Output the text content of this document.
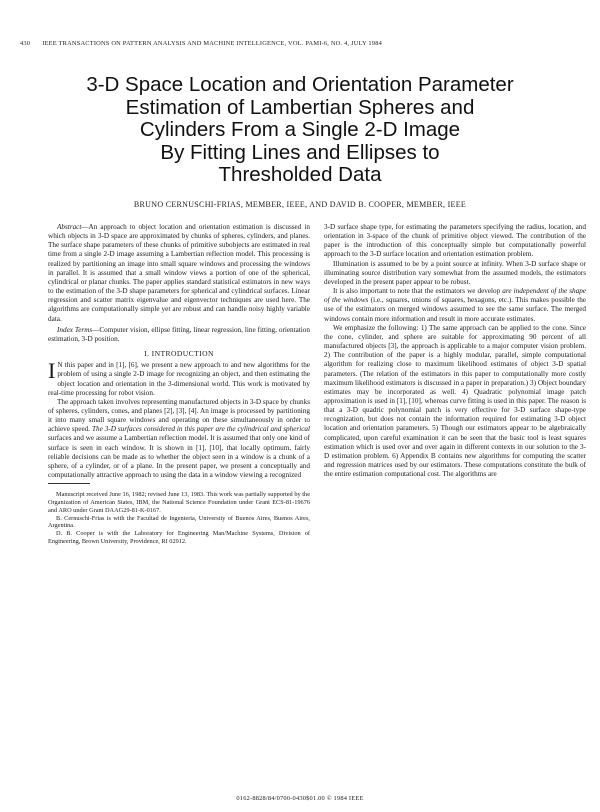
430 IEEE TRANSACTIONS ON PATTERN ANALYSIS AND MACHINE INTELLIGENCE, VOL. PAMI-6, NO. 4, JULY 1984
3-D Space Location and Orientation Parameter
Estimation of Lambertian Spheres and
Cylinders From a Single 2-D Image
By Fitting Lines and Ellipses to
Thresholded Data
BRUNO CERNUSCHI-FRIAS, MEMBER, IEEE, AND DAVID B. COOPER, MEMBER, IEEE

Abstract—An approach to object location and orientation estimation is discussed in which objects in 3-D space are approximated by chunks of spheres, cylinders, and planes. The surface shape parameters of these chunks of primitive subobjects are estimated in real time from a single 2-D image assuming a Lambertian reflection model. This processing is realized by partitioning an image into small square windows and processing the windows in parallel. It is assumed that a small window views a portion of one of the spherical, cylindrical or planar chunks. The paper applies standard statistical estimators in new ways to the estimation of the 3-D shape parameters for spherical and cylindrical surfaces. Linear regression and scatter matrix eigenvalue and eigenvector techniques are used here. The algorithms are computationally simple yet are robust and can handle noisy highly variable data.

Index Terms—Computer vision, ellipse fitting, linear regression, line fitting, orientation estimation, 3-D position.

I. INTRODUCTION

I N this paper and in [1], [6], we present a new approach to and new algorithms for the problem of using a single 2-D image for recognizing an object, and then estimating the object location and orientation in the 3-dimensional world. This work is motivated by real-time processing for robot vision.

The approach taken involves representing manufactured objects in 3-D space by chunks of spheres, cylinders, cones, and planes [2], [3], [4]. An image is processed by partitioning it into many small square windows and operating on these simultaneously in order to achieve speed. The 3-D surfaces considered in this paper are the cylindrical and spherical surfaces and we assume a Lambertian reflection model. It is assumed that only one kind of surface is seen in each window. It is shown in [1], [10], that locally optimum, fairly reliable decisions can be made as to whether the object seen in a window is a chunk of a sphere, of a cylinder, or of a plane. In the present paper, we present a conceptually and computationally attractive approach to using the data in a window viewing a recognized

Manuscript received June 16, 1982; revised June 13, 1983. This work was partially supported by the Organization of American States, IBM, the National Science Foundation under Grant ECS-81-19676 and ARO under Grant DAAG29-81-K-0167.

B. Cernuschi-Frias is with the Facultad de Ingenieria, University of Buenos Aires, Buenos Aires, Argentina.

D. B. Cooper is with the Laboratory for Engineering Man/Machine Systems, Division of Engineering, Brown University, Providence, RI 02912.

3-D surface shape type, for estimating the parameters specifying the radius, location, and orientation in 3-space of the chunk of primitive object viewed. The contribution of the paper is the introduction of this conceptually simple but computationally powerful approach to the 3-D surface location and orientation estimation problem.

Illumination is assumed to be by a point source at infinity. When 3-D surface shape or illuminating source distribution vary somewhat from the assumed models, the estimators developed in the present paper appear to be robust.

It is also important to note that the estimators we develop are independent of the shape of the windows (i.e., squares, unions of squares, hexagons, etc.). This makes possible the use of the estimators on merged windows assumed to see the same surface. The merged windows contain more information and result in more accurate estimates.

We emphasize the following: 1) The same approach can be applied to the cone. Since the cone, cylinder, and sphere are suitable for approximating 90 percent of all manufactured objects [3], the approach is applicable to a major computer vision problem. 2) The contribution of the paper is a highly modular, parallel, simple computational algorithm for realizing close to maximum likelihood estimates of object 3-D spatial parameters. (The relation of the estimators in this paper to computationally more costly maximum likelihood estimators is discussed in a paper in preparation.) 3) Object boundary estimates may be incorporated as well. 4) Quadratic polynomial image patch approximation is used in [1], [10], whereas curve fitting is used in this paper. The reason is that a 3-D quadric polynomial patch is very effective for 3-D surface shape-type recognization, but does not contain the information required for estimating 3-D object location and orientation parameters. 5) Though our estimators appear to be algebraically complicated, upon careful examination it can be seen that the basic tool is least squares estimation which is used over and over again in different contexts in our solution to the 3-D estimation problem. 6) Appendix B contains new algorithms for computing the scatter and regression matrices used by our estimators. These computations constitute the bulk of the entire estimation computational cost. The algorithms are

0162-8828/84/0700-0430$01.00 © 1984 IEEE
